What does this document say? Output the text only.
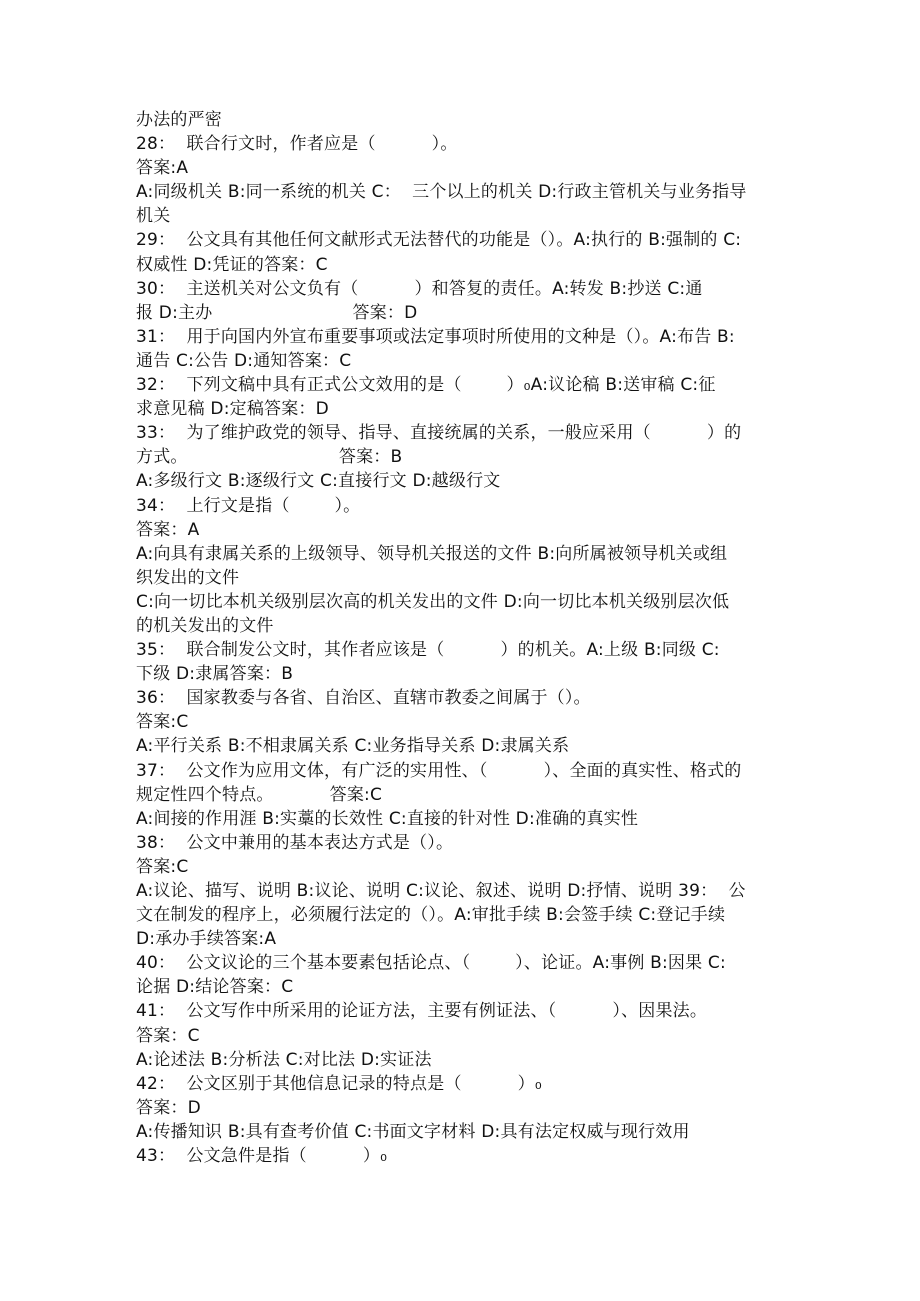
办法的严密
28：  联合行文时，作者应是（          ）。
答案:A
A:同级机关 B:同一系统的机关 C：  三个以上的机关 D:行政主管机关与业务指导
机关
29：  公文具有其他任何文献形式无法替代的功能是（）。A:执行的 B:强制的 C:
权威性 D:凭证的答案：C
30：  主送机关对公文负有（          ）和答复的责任。A:转发 B:抄送 C:通
报 D:主办                         答案：D
31：  用于向国内外宣布重要事项或法定事项时所使用的文种是（）。A:布告 B:
通告 C:公告 D:通知答案：C
32：  下列文稿中具有正式公文效用的是（        ）₀A:议论稿 B:送审稿 C:征
求意见稿 D:定稿答案：D
33：  为了维护政党的领导、指导、直接统属的关系，一般应采用（          ）的
方式。                           答案：B
A:多级行文 B:逐级行文 C:直接行文 D:越级行文
34：  上行文是指（        ）。
答案：A
A:向具有隶属关系的上级领导、领导机关报送的文件 B:向所属被领导机关或组
织发出的文件
C:向一切比本机关级别层次高的机关发出的文件 D:向一切比本机关级别层次低
的机关发出的文件
35：  联合制发公文时，其作者应该是（          ）的机关。A:上级 B:同级 C:
下级 D:隶属答案：B
36：  国家教委与各省、自治区、直辖市教委之间属于（）。
答案:C
A:平行关系 B:不相隶属关系 C:业务指导关系 D:隶属关系
37：  公文作为应用文体，有广泛的实用性、（          ）、全面的真实性、格式的
规定性四个特点。          答案:C
A:间接的作用涯 B:实藁的长效性 C:直接的针对性 D:准确的真实性
38：  公文中兼用的基本表达方式是（）。
答案:C
A:议论、描写、说明 B:议论、说明 C:议论、叙述、说明 D:抒情、说明 39：  公
文在制发的程序上，必须履行法定的（）。A:审批手续 B:会签手续 C:登记手续
D:承办手续答案:A
40：  公文议论的三个基本要素包括论点、（        ）、论证。A:事例 B:因果 C:
论据 D:结论答案：C
41：  公文写作中所采用的论证方法，主要有例证法、（          ）、因果法。
答案：C
A:论述法 B:分析法 C:对比法 D:实证法
42：  公文区别于其他信息记录的特点是（          ）₀
答案：D
A:传播知识 B:具有查考价值 C:书面文字材料 D:具有法定权威与现行效用
43：  公文急件是指（          ）₀
